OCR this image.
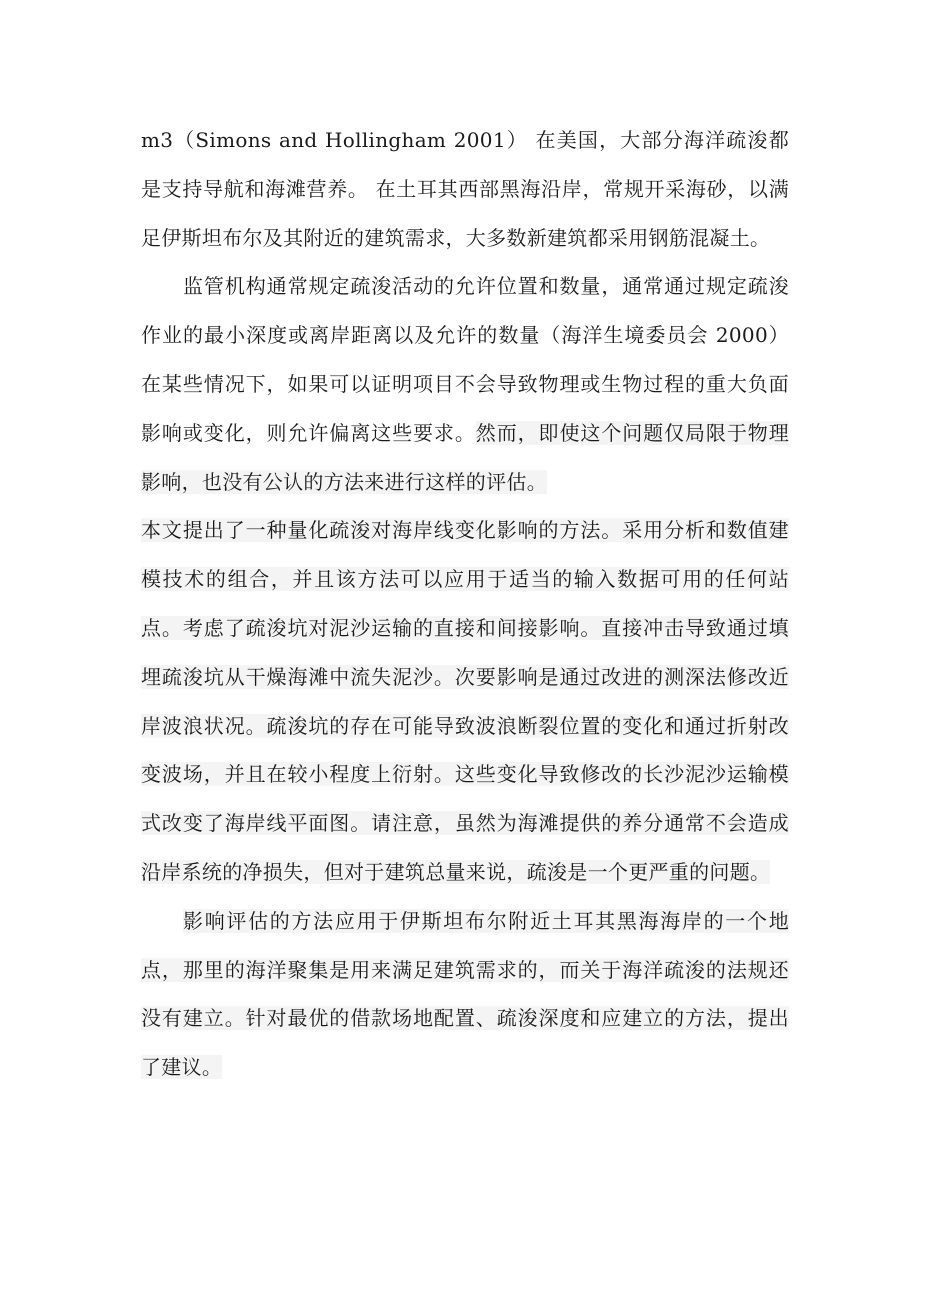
m3（Simons and Hollingham 2001） 在美国，大部分海洋疏浚都是支持导航和海滩营养。 在土耳其西部黑海沿岸，常规开采海砂，以满足伊斯坦布尔及其附近的建筑需求，大多数新建筑都采用钢筋混凝土。

监管机构通常规定疏浚活动的允许位置和数量，通常通过规定疏浚作业的最小深度或离岸距离以及允许的数量（海洋生境委员会 2000） 在某些情况下，如果可以证明项目不会导致物理或生物过程的重大负面影响或变化，则允许偏离这些要求。然而，即使这个问题仅局限于物理影响，也没有公认的方法来进行这样的评估。

本文提出了一种量化疏浚对海岸线变化影响的方法。采用分析和数值建模技术的组合，并且该方法可以应用于适当的输入数据可用的任何站点。考虑了疏浚坑对泥沙运输的直接和间接影响。直接冲击导致通过填埋疏浚坑从干燥海滩中流失泥沙。次要影响是通过改进的测深法修改近岸波浪状况。疏浚坑的存在可能导致波浪断裂位置的变化和通过折射改变波场，并且在较小程度上衍射。这些变化导致修改的长沙泥沙运输模式改变了海岸线平面图。请注意，虽然为海滩提供的养分通常不会造成沿岸系统的净损失，但对于建筑总量来说，疏浚是一个更严重的问题。

影响评估的方法应用于伊斯坦布尔附近土耳其黑海海岸的一个地点，那里的海洋聚集是用来满足建筑需求的，而关于海洋疏浚的法规还没有建立。针对最优的借款场地配置、疏浚深度和应建立的方法，提出了建议。
